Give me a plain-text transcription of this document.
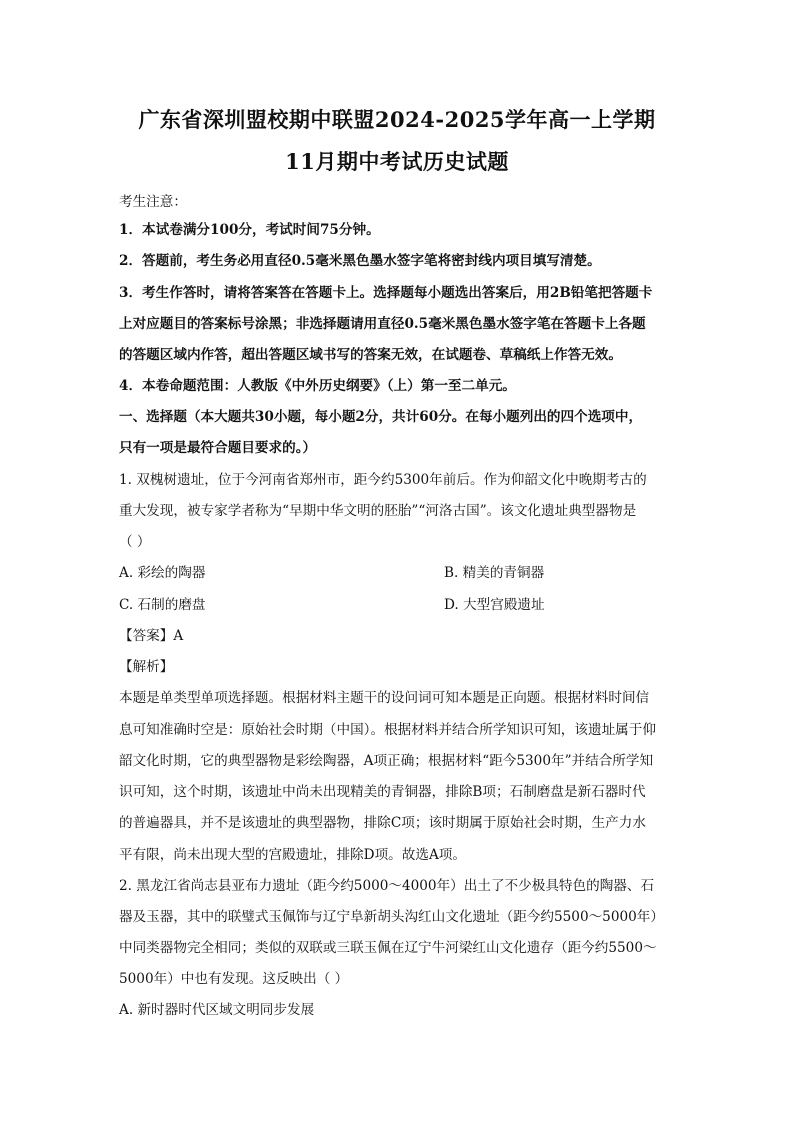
广东省深圳盟校期中联盟2024-2025学年高一上学期
11月期中考试历史试题
考生注意：
1．本试卷满分100分，考试时间75分钟。
2．答题前，考生务必用直径0.5毫米黑色墨水签字笔将密封线内项目填写清楚。
3．考生作答时，请将答案答在答题卡上。选择题每小题选出答案后，用2B铅笔把答题卡
上对应题目的答案标号涂黑；非选择题请用直径0.5毫米黑色墨水签字笔在答题卡上各题
的答题区域内作答，超出答题区域书写的答案无效，在试题卷、草稿纸上作答无效。
4．本卷命题范围：人教版《中外历史纲要》（上）第一至二单元。
一、选择题（本大题共30小题，每小题2分，共计60分。在每小题列出的四个选项中，
只有一项是最符合题目要求的。）
1. 双槐树遗址，位于今河南省郑州市，距今约5300年前后。作为仰韶文化中晚期考古的
重大发现，被专家学者称为“早期中华文明的胚胎”“河洛古国”。该文化遗址典型器物是
（ ）
A. 彩绘的陶器	B. 精美的青铜器
C. 石制的磨盘	D. 大型宫殿遗址
【答案】A
【解析】
本题是单类型单项选择题。根据材料主题干的设问词可知本题是正向题。根据材料时间信
息可知准确时空是：原始社会时期（中国）。根据材料并结合所学知识可知，该遗址属于仰
韶文化时期，它的典型器物是彩绘陶器，A项正确；根据材料“距今5300年”并结合所学知
识可知，这个时期，该遗址中尚未出现精美的青铜器，排除B项；石制磨盘是新石器时代
的普遍器具，并不是该遗址的典型器物，排除C项；该时期属于原始社会时期，生产力水
平有限，尚未出现大型的宫殿遗址，排除D项。故选A项。
2. 黑龙江省尚志县亚布力遗址（距今约5000～4000年）出土了不少极具特色的陶器、石
器及玉器，其中的联璧式玉佩饰与辽宁阜新胡头沟红山文化遗址（距今约5500～5000年）
中同类器物完全相同；类似的双联或三联玉佩在辽宁牛河梁红山文化遗存（距今约5500～
5000年）中也有发现。这反映出（ ）
A. 新时器时代区域文明同步发展
